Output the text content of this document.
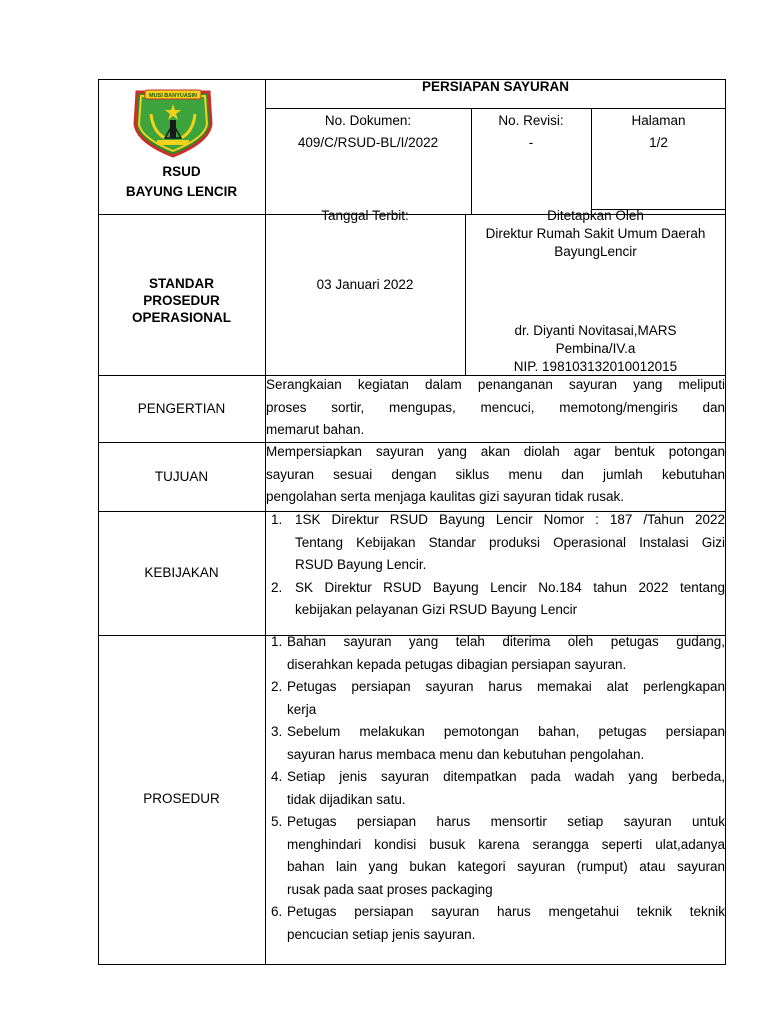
MUSI BANYUASIN
RSUD
BAYUNG LENCIR
PERSIAPAN SAYURAN
No. Dokumen:
409/C/RSUD-BL/I/2022
No. Revisi:
-
Halaman
1/2
STANDAR
PROSEDUR
OPERASIONAL
Tanggal Terbit:
03 Januari 2022
Ditetapkan Oleh
Direktur Rumah Sakit Umum Daerah
BayungLencir
dr. Diyanti Novitasai,MARS
Pembina/IV.a
NIP. 198103132010012015
PENGERTIAN
Serangkaian kegiatan dalam penanganan sayuran yang meliputi
proses sortir, mengupas, mencuci, memotong/mengiris dan
memarut bahan.
TUJUAN
Mempersiapkan sayuran yang akan diolah agar bentuk potongan
sayuran sesuai dengan siklus menu dan jumlah kebutuhan
pengolahan serta menjaga kaulitas gizi sayuran tidak rusak.
KEBIJAKAN
1. 1SK Direktur RSUD Bayung Lencir Nomor : 187 /Tahun 2022
Tentang Kebijakan Standar produksi Operasional Instalasi Gizi
RSUD Bayung Lencir.
2. SK Direktur RSUD Bayung Lencir No.184 tahun 2022 tentang
kebijakan pelayanan Gizi RSUD Bayung Lencir
PROSEDUR
1. Bahan sayuran yang telah diterima oleh petugas gudang,
diserahkan kepada petugas dibagian persiapan sayuran.
2. Petugas persiapan sayuran harus memakai alat perlengkapan
kerja
3. Sebelum melakukan pemotongan bahan, petugas persiapan
sayuran harus membaca menu dan kebutuhan pengolahan.
4. Setiap jenis sayuran ditempatkan pada wadah yang berbeda,
tidak dijadikan satu.
5. Petugas persiapan harus mensortir setiap sayuran untuk
menghindari kondisi busuk karena serangga seperti ulat,adanya
bahan lain yang bukan kategori sayuran (rumput) atau sayuran
rusak pada saat proses packaging
6. Petugas persiapan sayuran harus mengetahui teknik teknik
pencucian setiap jenis sayuran.
